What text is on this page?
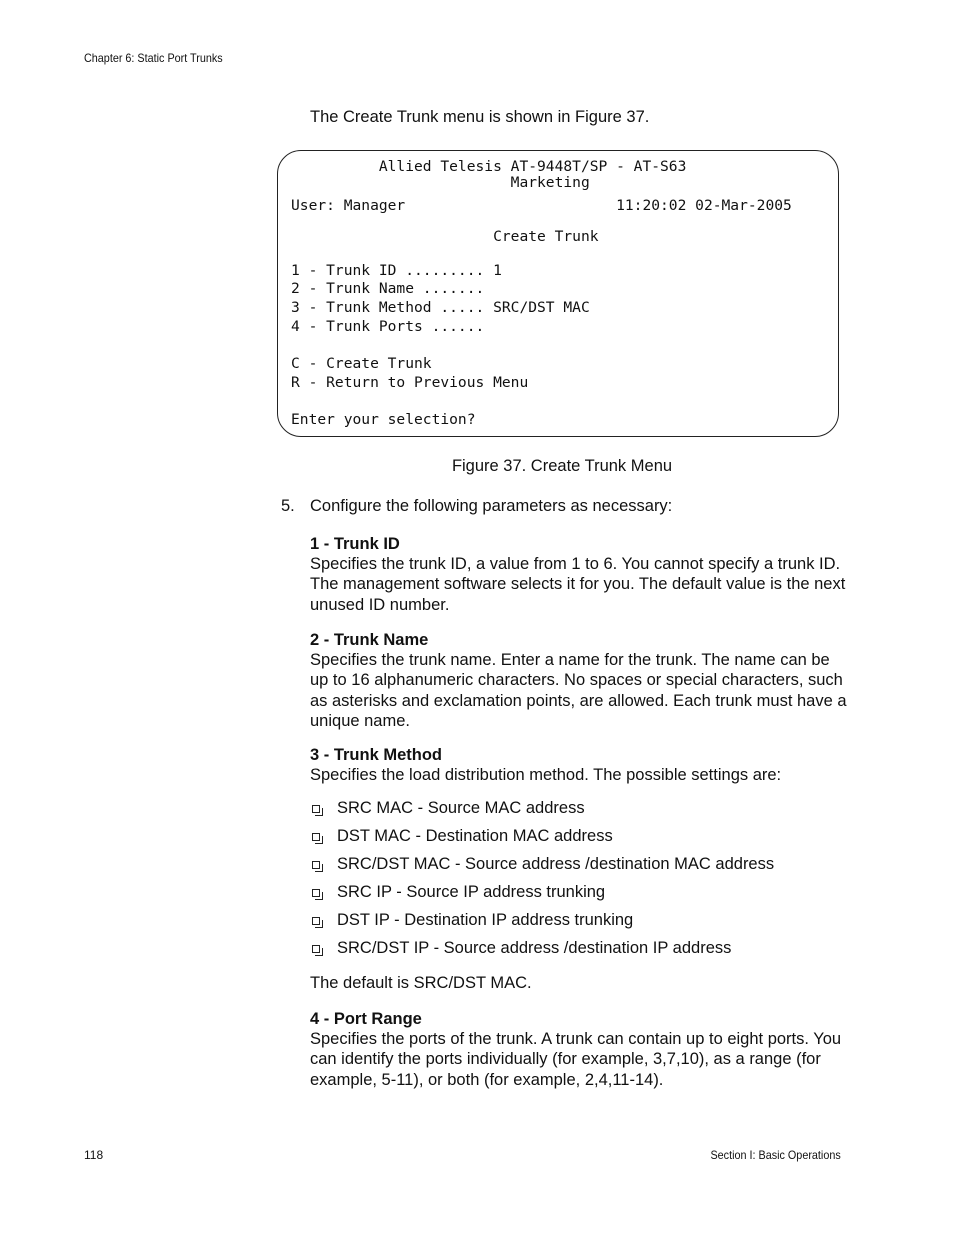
Chapter 6: Static Port Trunks
The Create Trunk menu is shown in Figure 37.
Allied Telesis AT-9448T/SP - AT-S63
Marketing
User: Manager                        11:20:02 02-Mar-2005
Create Trunk
1 - Trunk ID ......... 1
2 - Trunk Name .......
3 - Trunk Method ..... SRC/DST MAC
4 - Trunk Ports ......
C - Create Trunk
R - Return to Previous Menu
Enter your selection?
Figure 37. Create Trunk Menu
5. Configure the following parameters as necessary:
1 - Trunk ID

Specifies the trunk ID, a value from 1 to 6. You cannot specify a trunk ID. The management software selects it for you. The default value is the next unused ID number.

2 - Trunk Name

Specifies the trunk name. Enter a name for the trunk. The name can be up to 16 alphanumeric characters. No spaces or special characters, such as asterisks and exclamation points, are allowed. Each trunk must have a unique name.

3 - Trunk Method

Specifies the load distribution method. The possible settings are:

SRC MAC - Source MAC address
DST MAC - Destination MAC address
SRC/DST MAC - Source address /destination MAC address
SRC IP - Source IP address trunking
DST IP - Destination IP address trunking
SRC/DST IP - Source address /destination IP address
The default is SRC/DST MAC.
4 - Port Range

Specifies the ports of the trunk. A trunk can contain up to eight ports. You can identify the ports individually (for example, 3,7,10), as a range (for example, 5-11), or both (for example, 2,4,11-14).

118	Section I: Basic Operations
